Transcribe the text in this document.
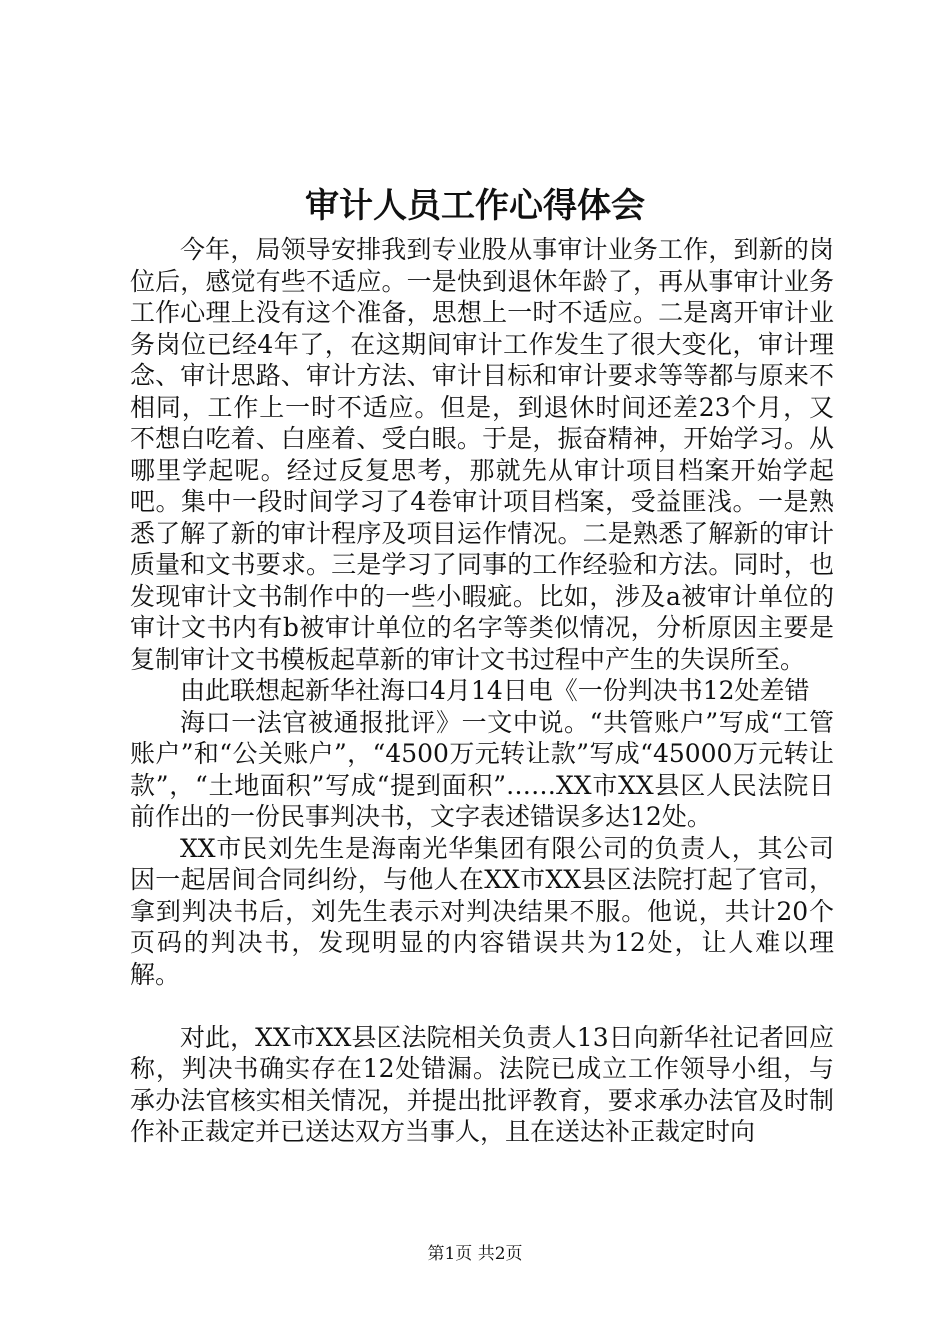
审计人员工作心得体会

今年，局领导安排我到专业股从事审计业务工作，到新的岗位后，感觉有些不适应。一是快到退休年龄了，再从事审计业务工作心理上没有这个准备，思想上一时不适应。二是离开审计业务岗位已经4年了，在这期间审计工作发生了很大变化，审计理念、审计思路、审计方法、审计目标和审计要求等等都与原来不相同，工作上一时不适应。但是，到退休时间还差23个月，又不想白吃着、白座着、受白眼。于是，振奋精神，开始学习。从哪里学起呢。经过反复思考，那就先从审计项目档案开始学起吧。集中一段时间学习了4卷审计项目档案，受益匪浅。一是熟悉了解了新的审计程序及项目运作情况。二是熟悉了解新的审计质量和文书要求。三是学习了同事的工作经验和方法。同时，也发现审计文书制作中的一些小暇疵。比如，涉及a被审计单位的审计文书内有b被审计单位的名字等类似情况，分析原因主要是复制审计文书模板起草新的审计文书过程中产生的失误所至。

由此联想起新华社海口4月14日电《一份判决书12处差错

海口一法官被通报批评》一文中说。“共管账户”写成“工管账户”和“公关账户”，“4500万元转让款”写成“45000万元转让款”，“土地面积”写成“提到面积”……XX市XX县区人民法院日前作出的一份民事判决书，文字表述错误多达12处。

XX市民刘先生是海南光华集团有限公司的负责人，其公司因一起居间合同纠纷，与他人在XX市XX县区法院打起了官司，拿到判决书后，刘先生表示对判决结果不服。他说，共计20个页码的判决书，发现明显的内容错误共为12处，让人难以理解。

对此，XX市XX县区法院相关负责人13日向新华社记者回应称，判决书确实存在12处错漏。法院已成立工作领导小组，与承办法官核实相关情况，并提出批评教育，要求承办法官及时制作补正裁定并已送达双方当事人，且在送达补正裁定时向

第1页 共2页
